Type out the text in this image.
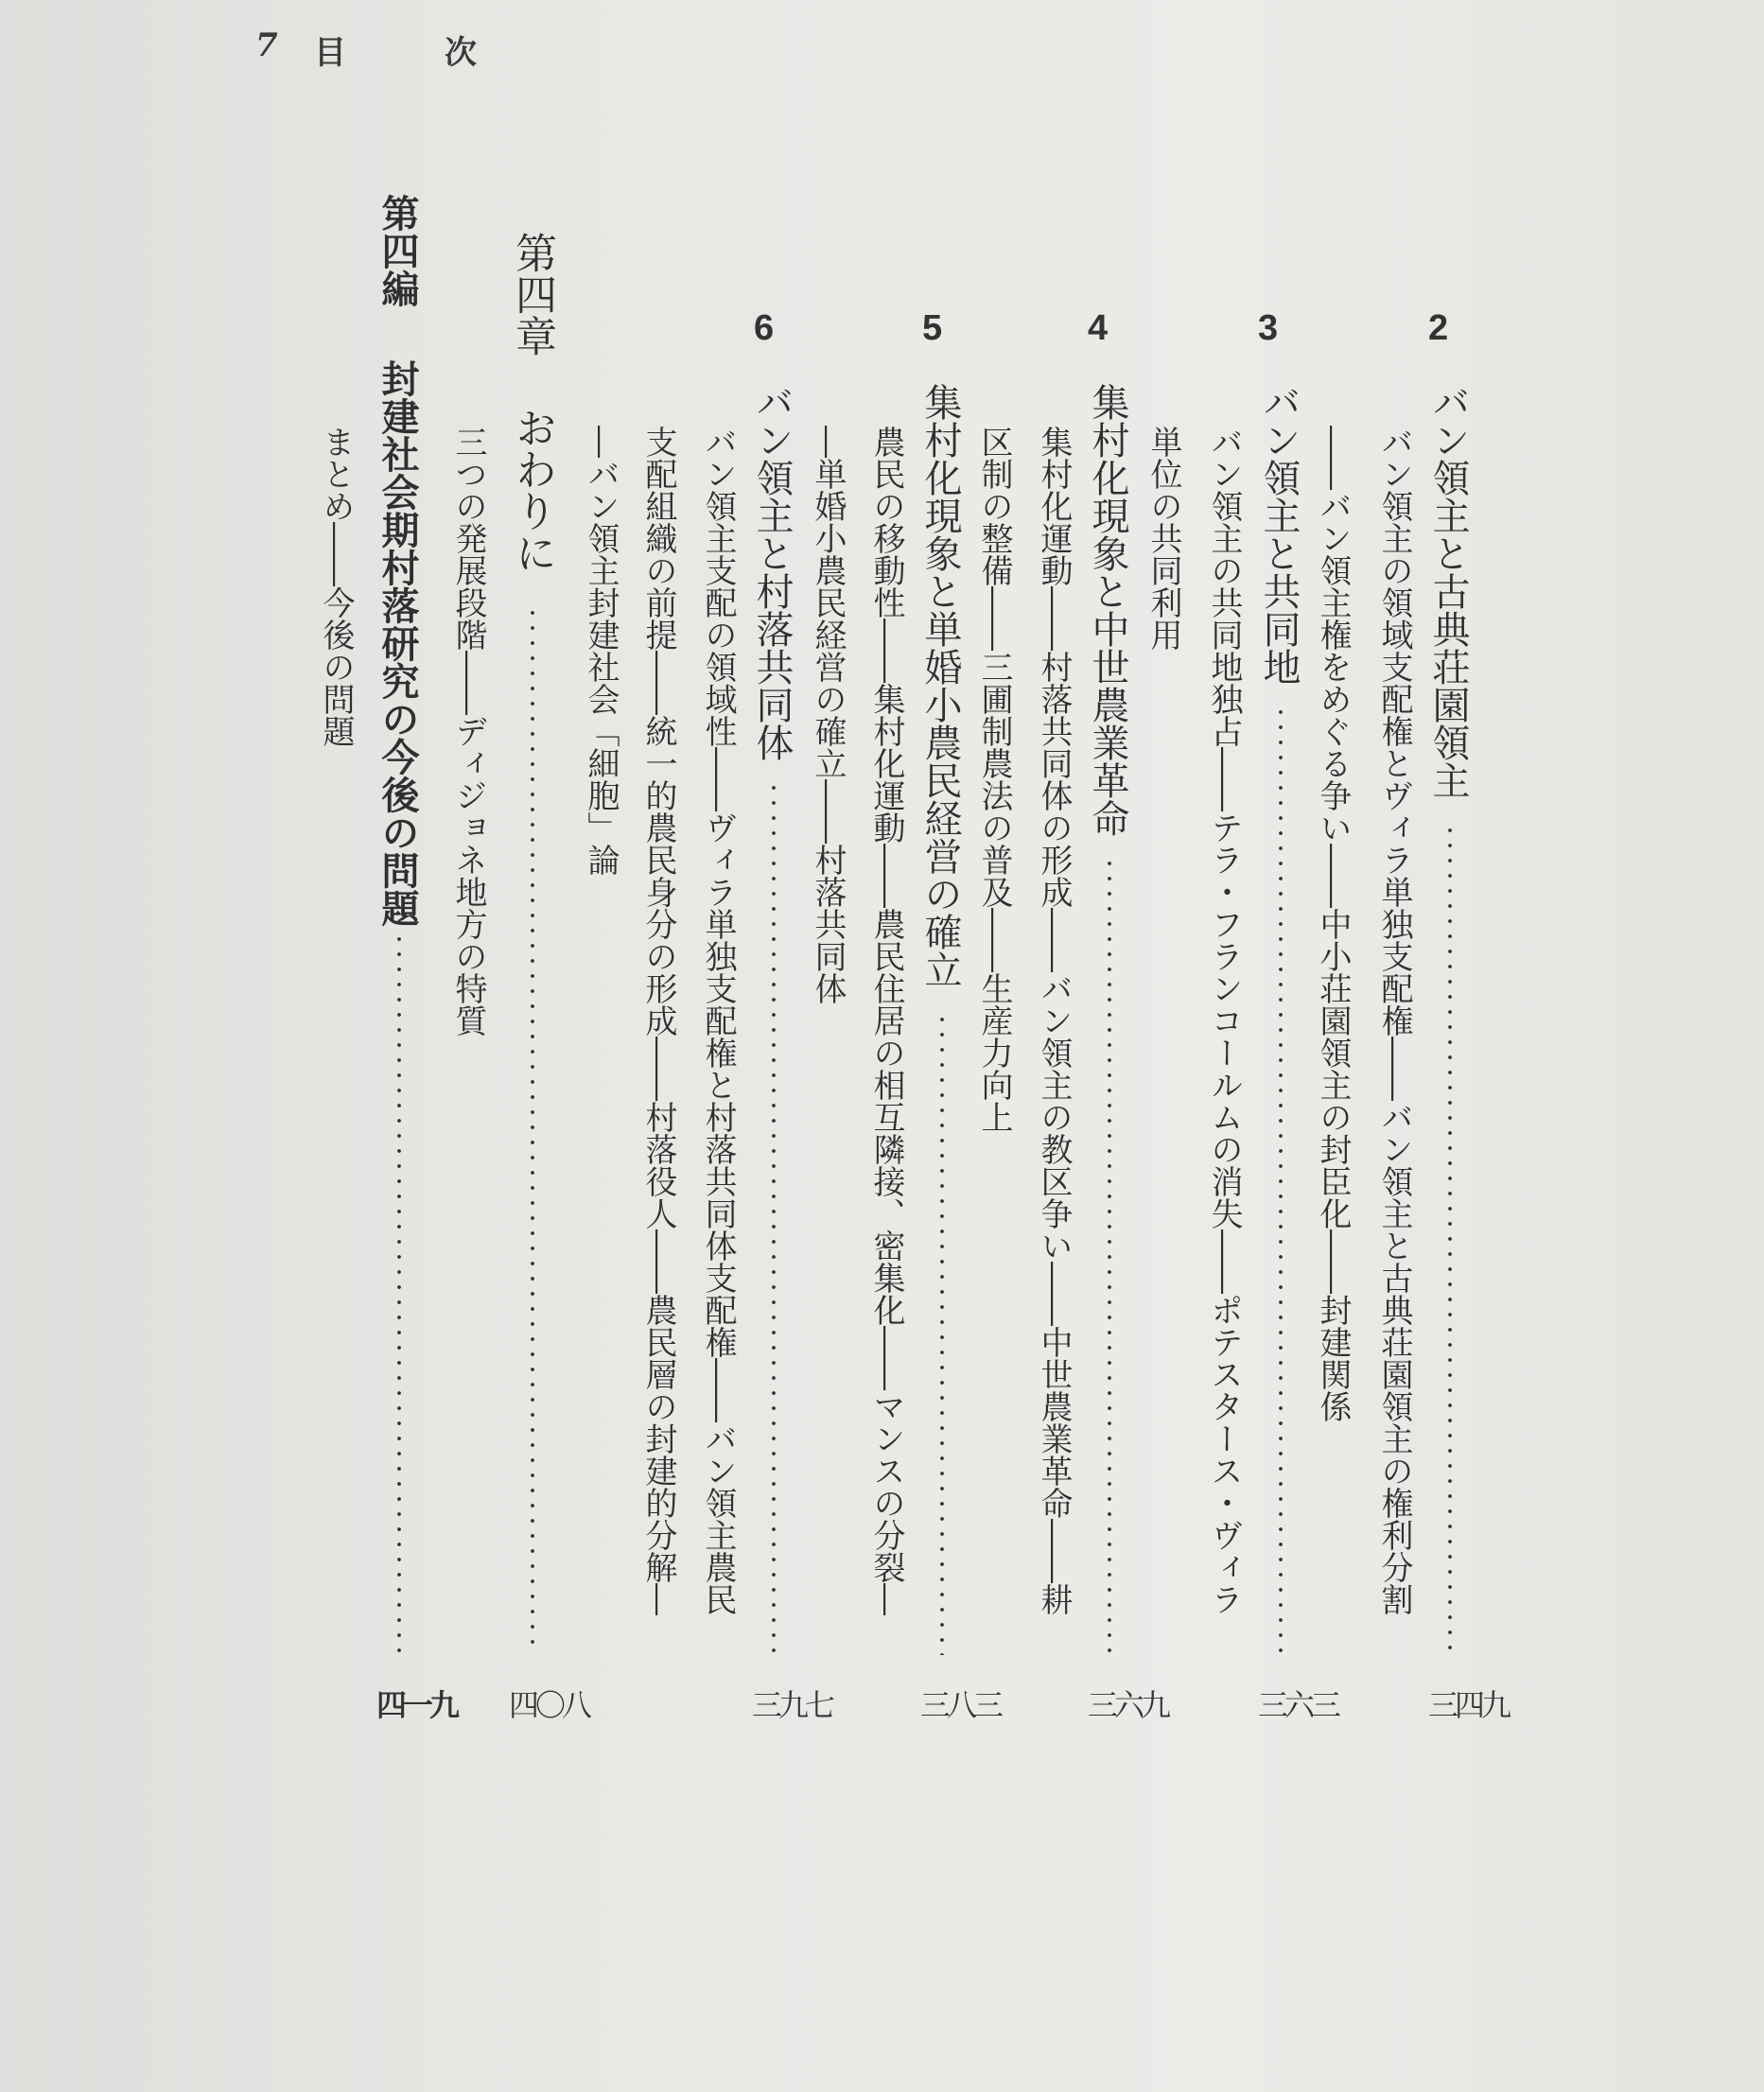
7 目	次
2
バン領主と古典荘園領主
三四九
バン領主の領域支配権とヴィラ単独支配権――バン領主と古典荘園領主の権利分割
――バン領主権をめぐる争い――中小荘園領主の封臣化――封建関係
3
バン領主と共同地
三六三
バン領主の共同地独占――テラ・フランコールムの消失――ポテスタース・ヴィラ
単位の共同利用
4
集村化現象と中世農業革命
三六九
集村化運動――村落共同体の形成――バン領主の教区争い――中世農業革命――耕
区制の整備――三圃制農法の普及――生産力向上
5
集村化現象と単婚小農民経営の確立
三八三
農民の移動性――集村化運動――農民住居の相互隣接、密集化――マンスの分裂―
―単婚小農民経営の確立――村落共同体
6
バン領主と村落共同体
三九七
バン領主支配の領域性――ヴィラ単独支配権と村落共同体支配権――バン領主農民
支配組織の前提――統一的農民身分の形成――村落役人――農民層の封建的分解―
―バン領主封建社会「細胞」論
第四章
おわりに
四〇八
三つの発展段階――ディジョネ地方の特質
第四編
封建社会期村落研究の今後の問題
四一九
まとめ――今後の問題
